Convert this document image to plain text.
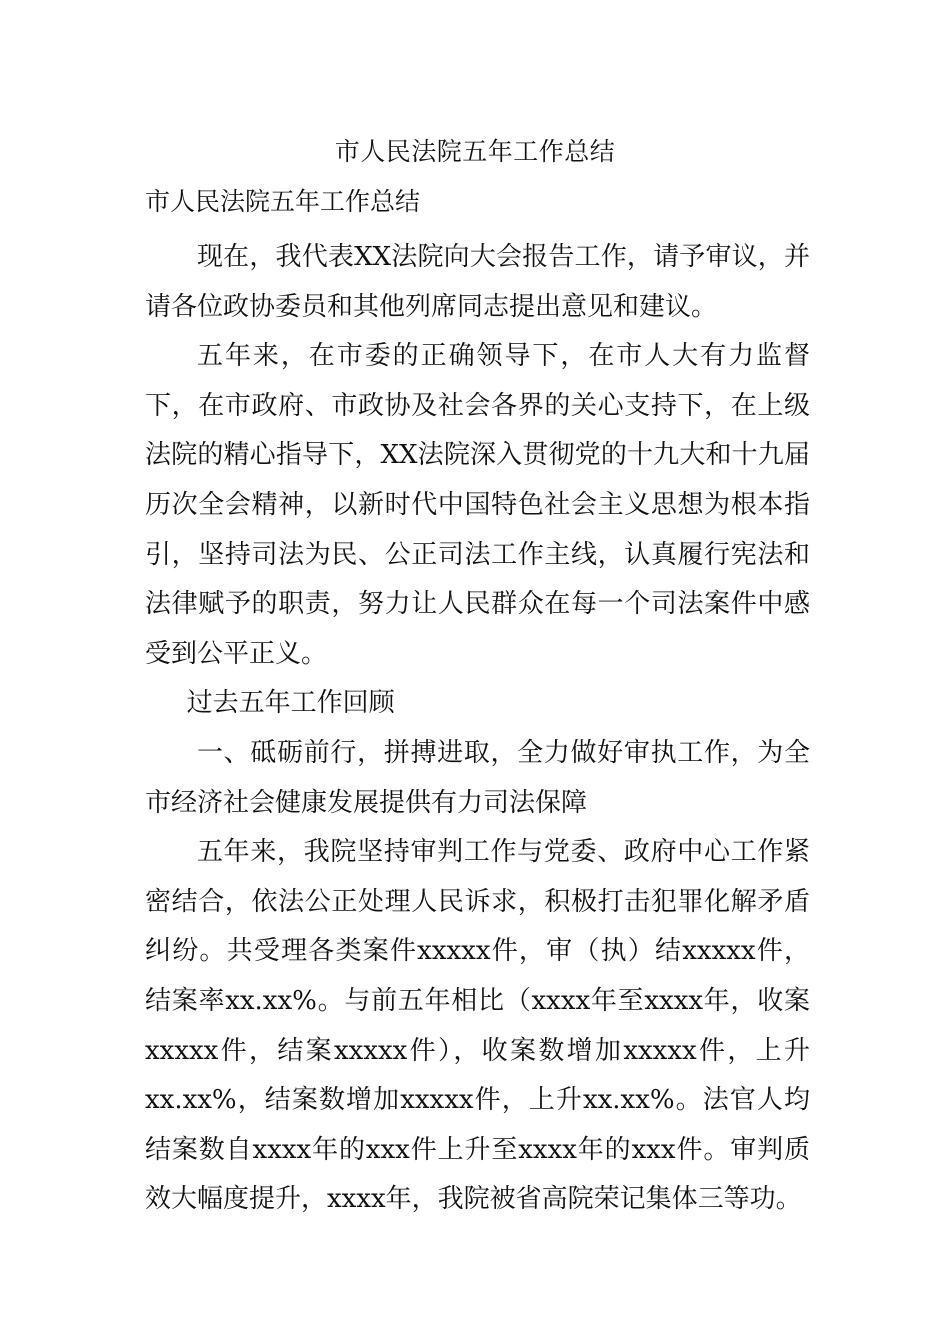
市人民法院五年工作总结
市人民法院五年工作总结

现在，我代表XX法院向大会报告工作，请予审议，并请各位政协委员和其他列席同志提出意见和建议。

五年来，在市委的正确领导下，在市人大有力监督下，在市政府、市政协及社会各界的关心支持下，在上级法院的精心指导下，XX法院深入贯彻党的十九大和十九届历次全会精神，以新时代中国特色社会主义思想为根本指引，坚持司法为民、公正司法工作主线，认真履行宪法和法律赋予的职责，努力让人民群众在每一个司法案件中感受到公平正义。

过去五年工作回顾

一、砥砺前行，拼搏进取，全力做好审执工作，为全市经济社会健康发展提供有力司法保障

五年来，我院坚持审判工作与党委、政府中心工作紧密结合，依法公正处理人民诉求，积极打击犯罪化解矛盾纠纷。共受理各类案件xxxxx件，审（执）结xxxxx件，结案率xx.xx%。与前五年相比（xxxx年至xxxx年，收案xxxxx件，结案xxxxx件），收案数增加xxxxx件，上升xx.xx%，结案数增加xxxxx件，上升xx.xx%。法官人均结案数自xxxx年的xxx件上升至xxxx年的xxx件。审判质效大幅度提升，xxxx年，我院被省高院荣记集体三等功。
